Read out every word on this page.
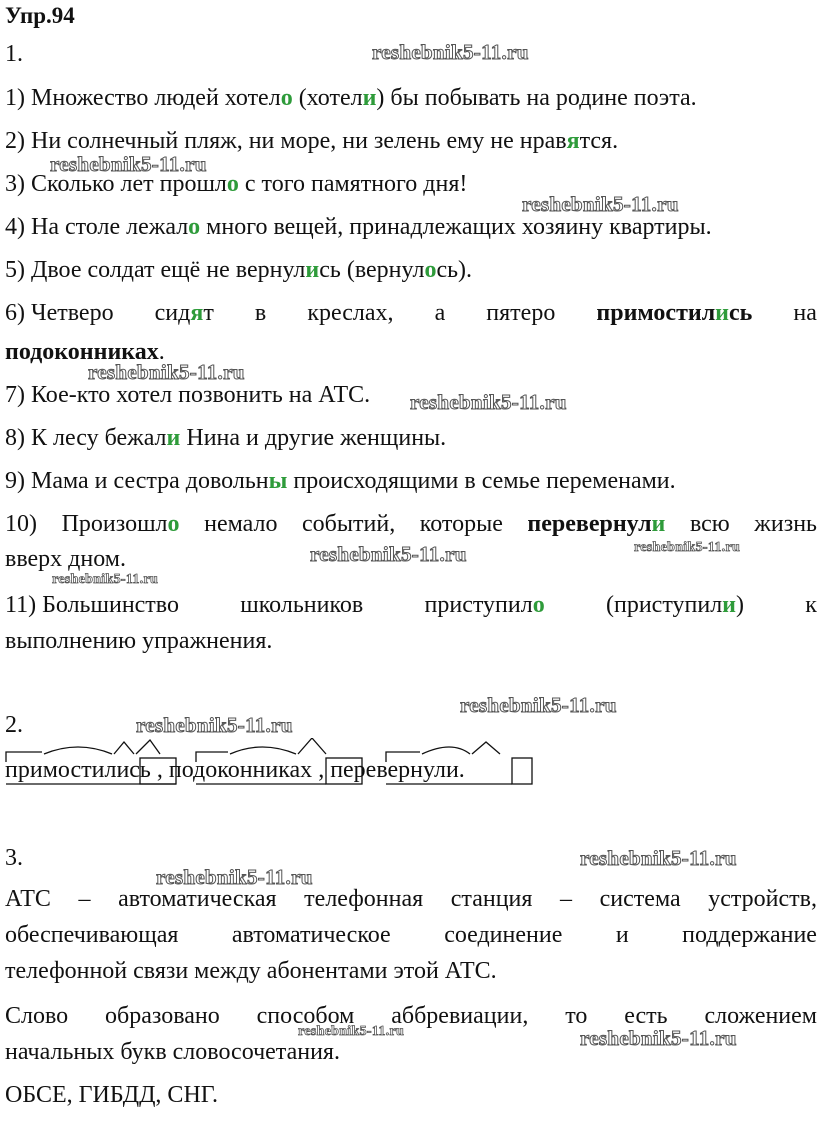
Упр.94
1.
1) Множество людей хотело (хотели) бы побывать на родине поэта.
2) Ни солнечный пляж, ни море, ни зелень ему не нравятся.
3) Сколько лет прошло с того памятного дня!
4) На столе лежало много вещей, принадлежащих хозяину квартиры.
5) Двое солдат ещё не вернулись (вернулось).
6) Четверо сидят в креслах, а пятеро примостились на
подоконниках.
7) Кое-кто хотел позвонить на АТС.
8) К лесу бежали Нина и другие женщины.
9) Мама и сестра довольны происходящими в семье переменами.
10) Произошло немало событий, которые перевернули всю жизнь
вверх дном.
11) Большинство	школьников	приступило	(приступили)	к
выполнению упражнения.
2.
примостились , подоконниках , перевернули.
3.
АТС – автоматическая телефонная станция – система устройств,
обеспечивающая автоматическое соединение и поддержание
телефонной связи между абонентами этой АТС.
Слово образовано способом аббревиации, то есть сложением
начальных букв словосочетания.
ОБСЕ, ГИБДД, СНГ.
reshebnik5-11.ru
reshebnik5-11.ru
reshebnik5-11.ru
reshebnik5-11.ru
reshebnik5-11.ru
reshebnik5-11.ru	reshebnik5-11.ru
reshebnik5-11.ru
reshebnik5-11.ru
reshebnik5-11.ru
reshebnik5-11.ru
reshebnik5-11.ru
reshebnik5-11.ru	reshebnik5-11.ru
